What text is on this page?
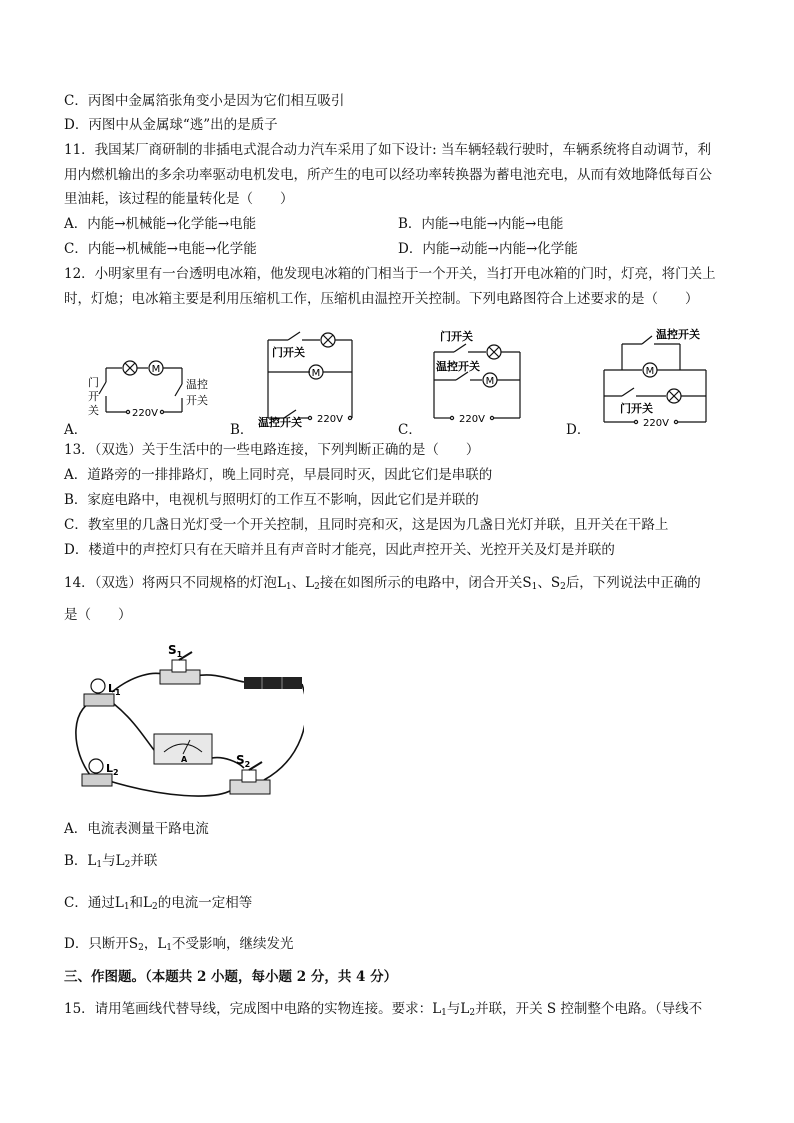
C．丙图中金属箔张角变小是因为它们相互吸引
D．丙图中从金属球“逃”出的是质子
11．我国某厂商研制的非插电式混合动力汽车采用了如下设计: 当车辆轻载行驶时，车辆系统将自动调节，利
用内燃机输出的多余功率驱动电机发电，所产生的电可以经功率转换器为蓄电池充电，从而有效地降低每百公
里油耗，该过程的能量转化是（　　）
A．内能→机械能→化学能→电能	B．内能→电能→内能→电能
C．内能→机械能→电能→化学能	D．内能→动能→内能→化学能
12．小明家里有一台透明电冰箱，他发现电冰箱的门相当于一个开关，当打开电冰箱的门时，灯亮，将门关上
时，灯熄；电冰箱主要是利用压缩机工作，压缩机由温控开关控制。下列电路图符合上述要求的是（　　）
A．
M
220V
门
开
关
温控
开关
B．
M
220V
门开关
温控开关	C．
M
220V
门开关
温控开关
D．
M
220V
温控开关
门开关
13．（双选）关于生活中的一些电路连接，下列判断正确的是（　　）
A．道路旁的一排排路灯，晚上同时亮，早晨同时灭，因此它们是串联的
B．家庭电路中，电视机与照明灯的工作互不影响，因此它们是并联的
C．教室里的几盏日光灯受一个开关控制，且同时亮和灭，这是因为几盏日光灯并联，且开关在干路上
D．楼道中的声控灯只有在天暗并且有声音时才能亮，因此声控开关、光控开关及灯是并联的
14．（双选）将两只不同规格的灯泡$L_1$、$L_2$接在如图所示的电路中，闭合开关$S_1$、$S_2$后，下列说法中正确的
是（　　）
$S_1$
$L_1$
A
$L_2$
$S_2$
A．电流表测量干路电流
B．$L_1$与$L_2$并联
C．通过$L_1$和$L_2$的电流一定相等
D．只断开$S_2$，$L_1$不受影响，继续发光
三、作图题。（本题共 2 小题，每小题 2 分，共 4 分）
15．请用笔画线代替导线，完成图中电路的实物连接。要求：$L_1$与$L_2$并联，开关 S 控制整个电路。（导线不
